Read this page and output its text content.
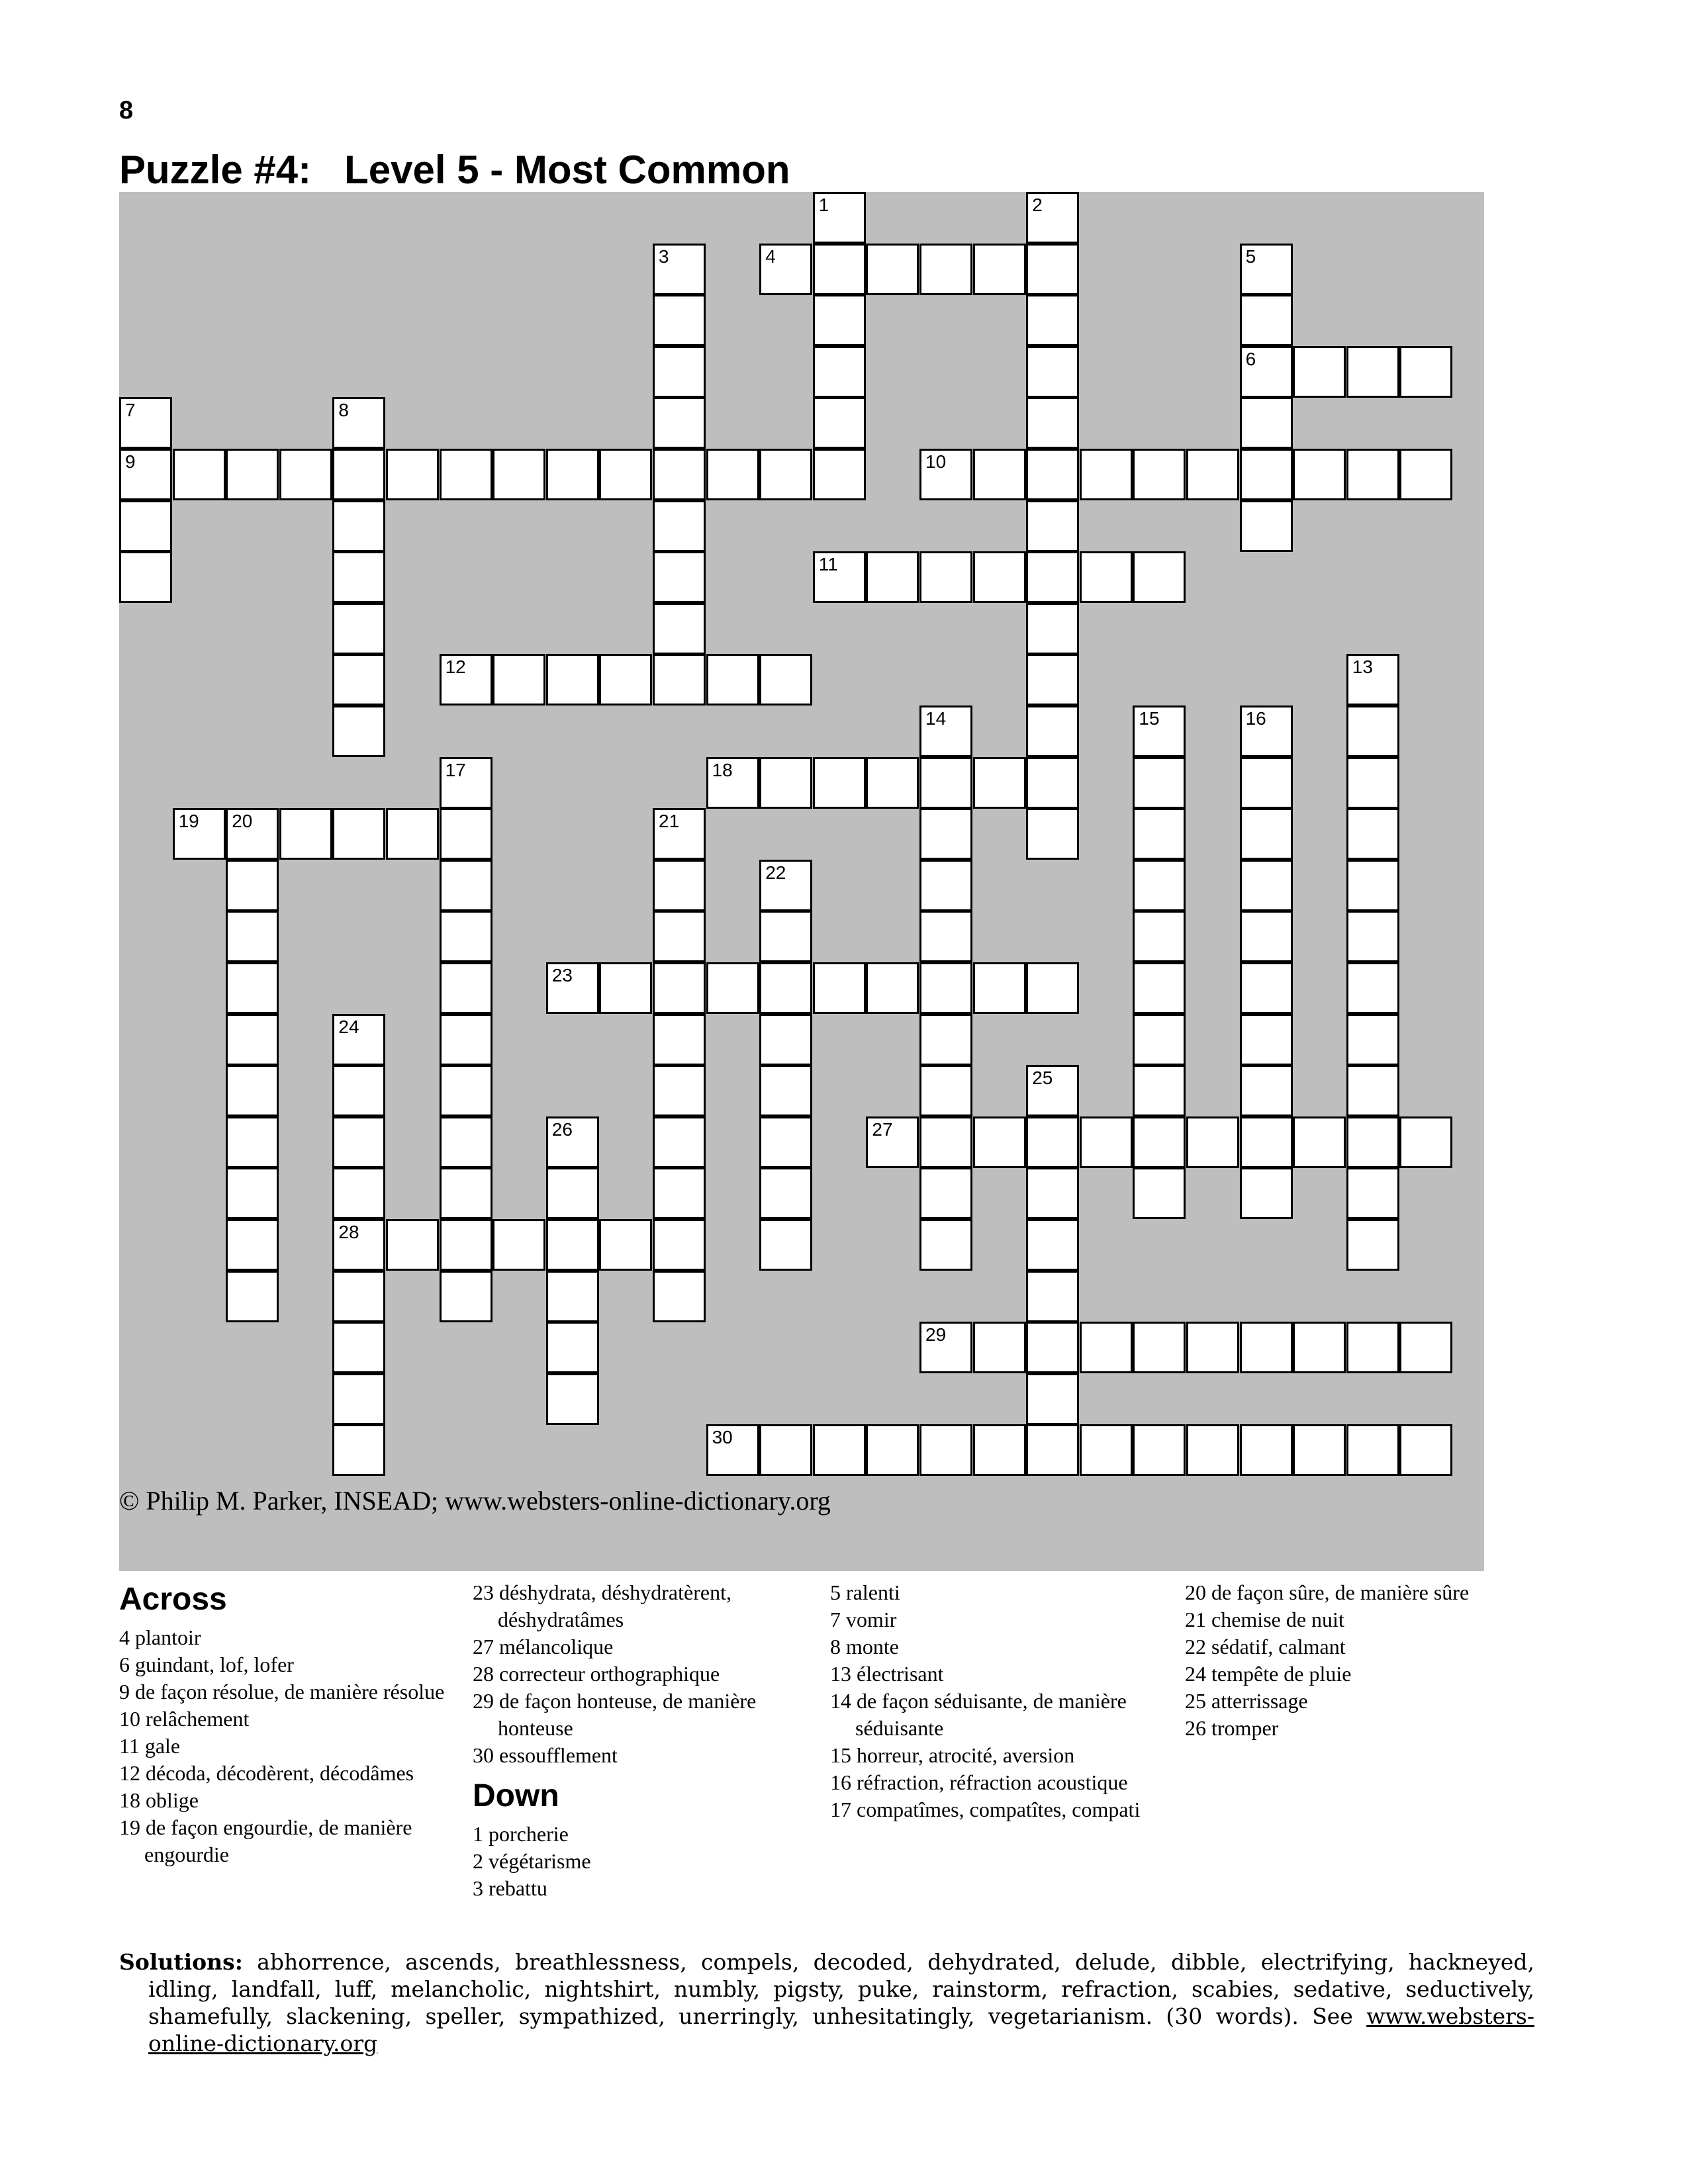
8
Puzzle #4:   Level 5 - Most Common
4
6
9	10
11
12
18
19 20
23
27
28
29
30
1	2
3	5
7	8
13
14	15	16
17
21
22
24
25
26
© Philip M. Parker, INSEAD; www.websters-online-dictionary.org
Across
4 plantoir
6 guindant, lof, lofer
9 de façon résolue, de manière résolue
10 relâchement
11 gale
12 décoda, décodèrent, décodâmes
18 oblige
19 de façon engourdie, de manière engourdie
23 déshydrata, déshydratèrent, déshydratâmes
27 mélancolique
28 correcteur orthographique
29 de façon honteuse, de manière honteuse
30 essoufflement
Down
1 porcherie
2 végétarisme
3 rebattu
5 ralenti
7 vomir
8 monte
13 électrisant
14 de façon séduisante, de manière séduisante
15 horreur, atrocité, aversion
16 réfraction, réfraction acoustique
17 compatîmes, compatîtes, compati
20 de façon sûre, de manière sûre
21 chemise de nuit
22 sédatif, calmant
24 tempête de pluie
25 atterrissage
26 tromper
Solutions: abhorrence, ascends, breathlessness, compels, decoded, dehydrated, delude, dibble, electrifying, hackneyed, idling, landfall, luff, melancholic, nightshirt, numbly, pigsty, puke, rainstorm, refraction, scabies, sedative, seductively, shamefully, slackening, speller, sympathized, unerringly, unhesitatingly, vegetarianism. (30 words). See www.websters-online-dictionary.org
